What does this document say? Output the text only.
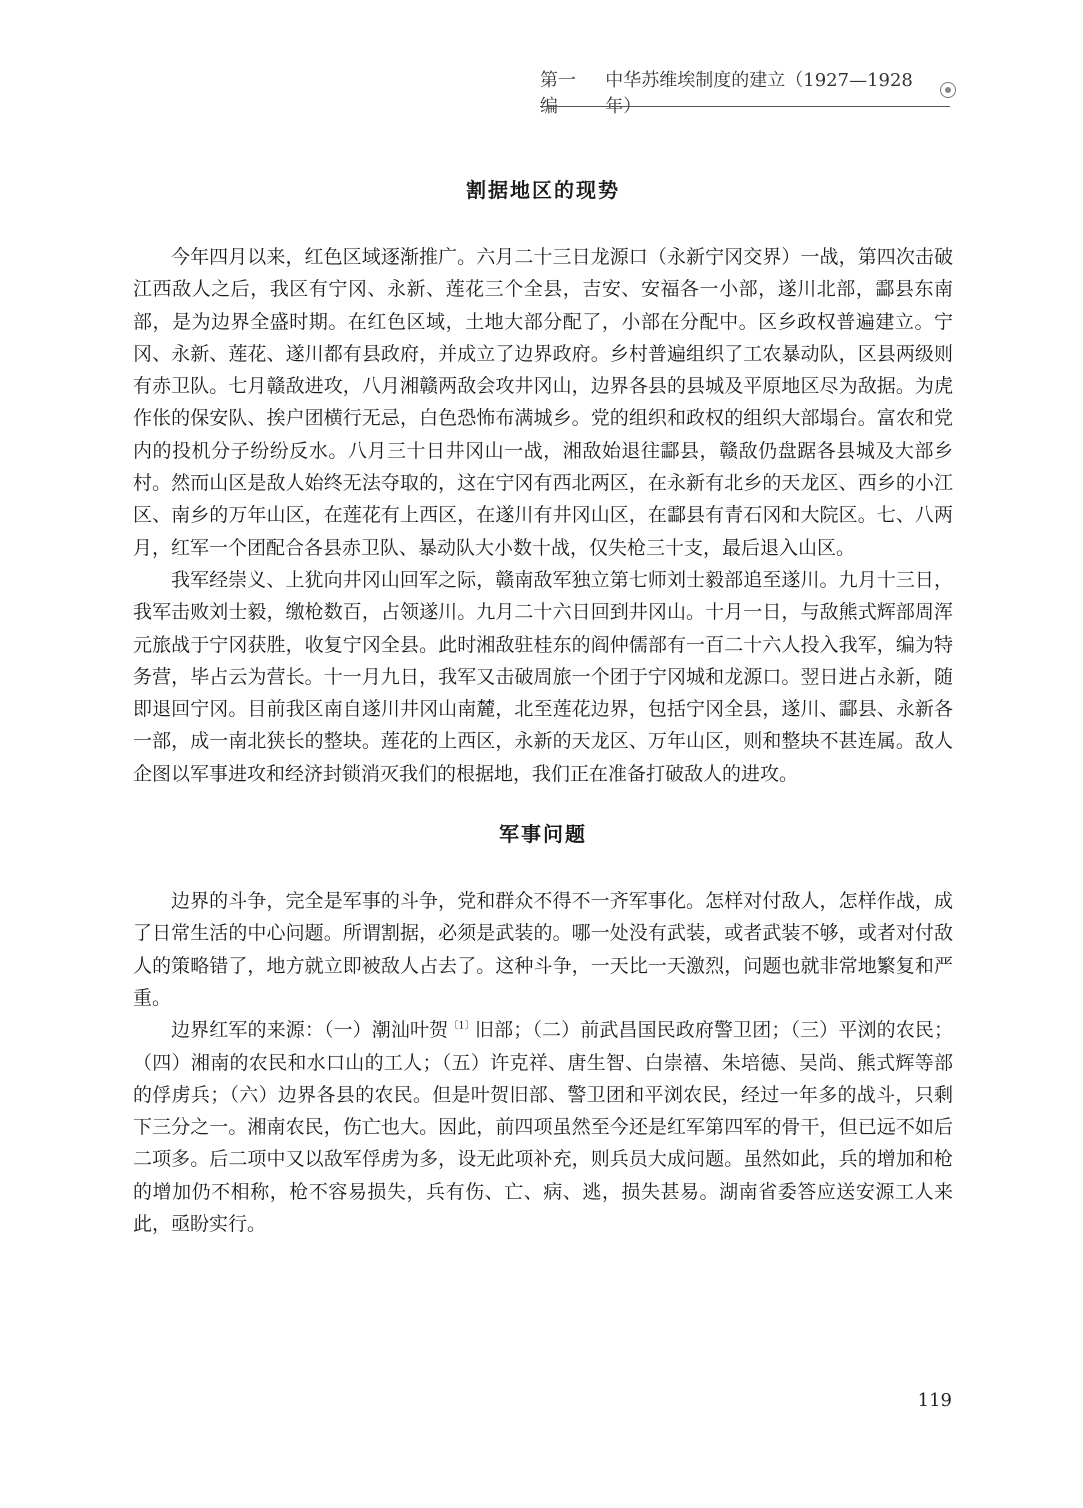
第一编
中华苏维埃制度的建立（1927—1928年）
割据地区的现势

今年四月以来，红色区域逐渐推广。六月二十三日龙源口（永新宁冈交界）一战，第四次击破江西敌人之后，我区有宁冈、永新、莲花三个全县，吉安、安福各一小部，遂川北部，酃县东南部，是为边界全盛时期。在红色区域，土地大部分配了，小部在分配中。区乡政权普遍建立。宁冈、永新、莲花、遂川都有县政府，并成立了边界政府。乡村普遍组织了工农暴动队，区县两级则有赤卫队。七月赣敌进攻，八月湘赣两敌会攻井冈山，边界各县的县城及平原地区尽为敌据。为虎作伥的保安队、挨户团横行无忌，白色恐怖布满城乡。党的组织和政权的组织大部塌台。富农和党内的投机分子纷纷反水。八月三十日井冈山一战，湘敌始退往酃县，赣敌仍盘踞各县城及大部乡村。然而山区是敌人始终无法夺取的，这在宁冈有西北两区，在永新有北乡的天龙区、西乡的小江区、南乡的万年山区，在莲花有上西区，在遂川有井冈山区，在酃县有青石冈和大院区。七、八两月，红军一个团配合各县赤卫队、暴动队大小数十战，仅失枪三十支，最后退入山区。

我军经崇义、上犹向井冈山回军之际，赣南敌军独立第七师刘士毅部追至遂川。九月十三日，我军击败刘士毅，缴枪数百，占领遂川。九月二十六日回到井冈山。十月一日，与敌熊式辉部周浑元旅战于宁冈获胜，收复宁冈全县。此时湘敌驻桂东的阎仲儒部有一百二十六人投入我军，编为特务营，毕占云为营长。十一月九日，我军又击破周旅一个团于宁冈城和龙源口。翌日进占永新，随即退回宁冈。目前我区南自遂川井冈山南麓，北至莲花边界，包括宁冈全县，遂川、酃县、永新各一部，成一南北狭长的整块。莲花的上西区，永新的天龙区、万年山区，则和整块不甚连属。敌人企图以军事进攻和经济封锁消灭我们的根据地，我们正在准备打破敌人的进攻。

军事问题

边界的斗争，完全是军事的斗争，党和群众不得不一齐军事化。怎样对付敌人，怎样作战，成了日常生活的中心问题。所谓割据，必须是武装的。哪一处没有武装，或者武装不够，或者对付敌人的策略错了，地方就立即被敌人占去了。这种斗争，一天比一天激烈，问题也就非常地繁复和严重。

边界红军的来源：（一）潮汕叶贺$^{〔1〕}$旧部；（二）前武昌国民政府警卫团；（三）平浏的农民；（四）湘南的农民和水口山的工人；（五）许克祥、唐生智、白崇禧、朱培德、吴尚、熊式辉等部的俘虏兵；（六）边界各县的农民。但是叶贺旧部、警卫团和平浏农民，经过一年多的战斗，只剩下三分之一。湘南农民，伤亡也大。因此，前四项虽然至今还是红军第四军的骨干，但已远不如后二项多。后二项中又以敌军俘虏为多，设无此项补充，则兵员大成问题。虽然如此，兵的增加和枪的增加仍不相称，枪不容易损失，兵有伤、亡、病、逃，损失甚易。湖南省委答应送安源工人来此，亟盼实行。

119
